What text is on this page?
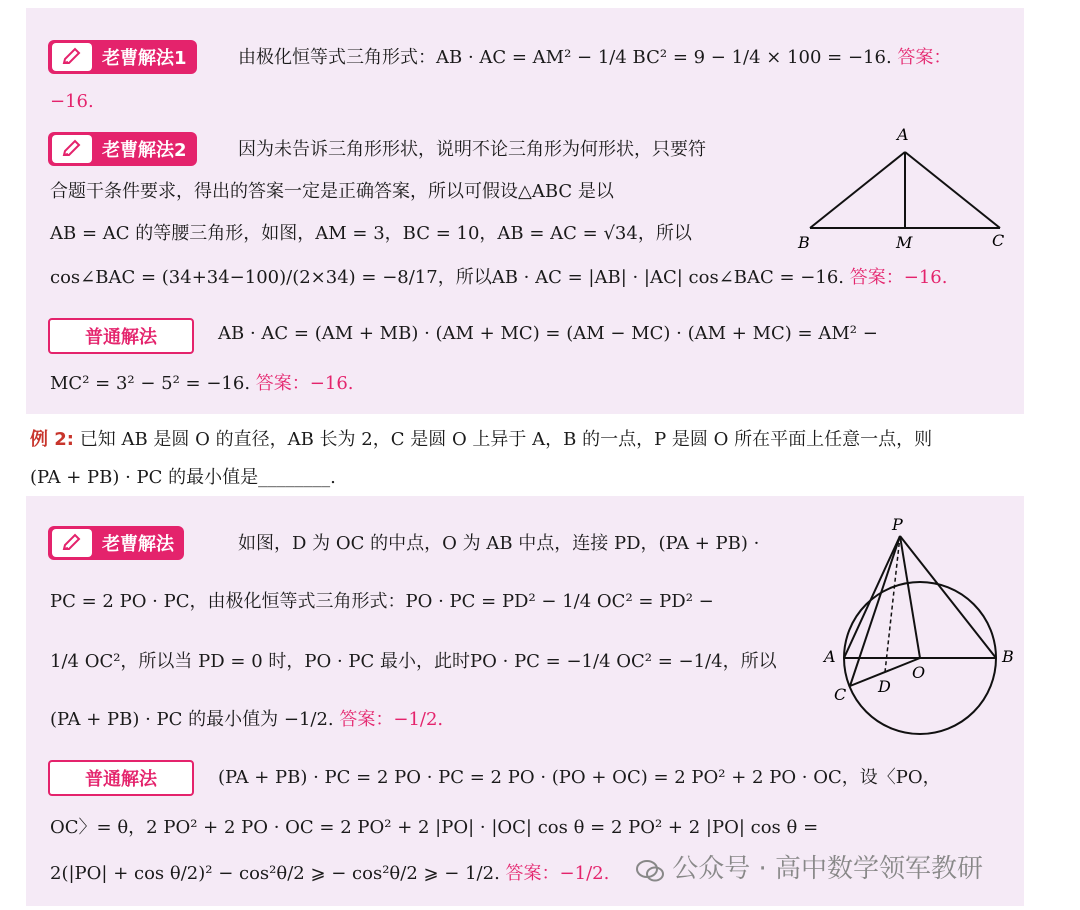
老曹解法1	由极化恒等式三角形式：AB · AC = AM² − 1/4 BC² = 9 − 1/4 × 100 = −16. 答案：
−16.
老曹解法2	因为未告诉三角形形状，说明不论三角形为何形状，只要符
合题干条件要求，得出的答案一定是正确答案，所以可假设△ABC 是以
AB = AC 的等腰三角形，如图，AM = 3，BC = 10，AB = AC = √34，所以
cos∠BAC = (34+34−100)/(2×34) = −8/17，所以AB · AC = |AB| · |AC| cos∠BAC = −16. 答案：−16.
A
B	M	C
普通解法	AB · AC = (AM + MB) · (AM + MC) = (AM − MC) · (AM + MC) = AM² −
MC² = 3² − 5² = −16. 答案：−16.
例 2: 已知 AB 是圆 O 的直径，AB 长为 2，C 是圆 O 上异于 A，B 的一点，P 是圆 O 所在平面上任意一点，则
(PA + PB) · PC 的最小值是________.
老曹解法	如图，D 为 OC 的中点，O 为 AB 中点，连接 PD，(PA + PB) ·
PC = 2 PO · PC，由极化恒等式三角形式：PO · PC = PD² − 1/4 OC² = PD² −
1/4 OC²，所以当 PD = 0 时，PO · PC 最小，此时PO · PC = −1/4 OC² = −1/4，所以
(PA + PB) · PC 的最小值为 −1/2. 答案：−1/2.
P
A
O
B
C D
普通解法	(PA + PB) · PC = 2 PO · PC = 2 PO · (PO + OC) = 2 PO² + 2 PO · OC，设〈PO，
OC〉= θ，2 PO² + 2 PO · OC = 2 PO² + 2 |PO| · |OC| cos θ = 2 PO² + 2 |PO| cos θ =
2(|PO| + cos θ/2)² − cos²θ/2 ⩾ − cos²θ/2 ⩾ − 1/2. 答案：−1/2.	公众号 · 高中数学领军教研
